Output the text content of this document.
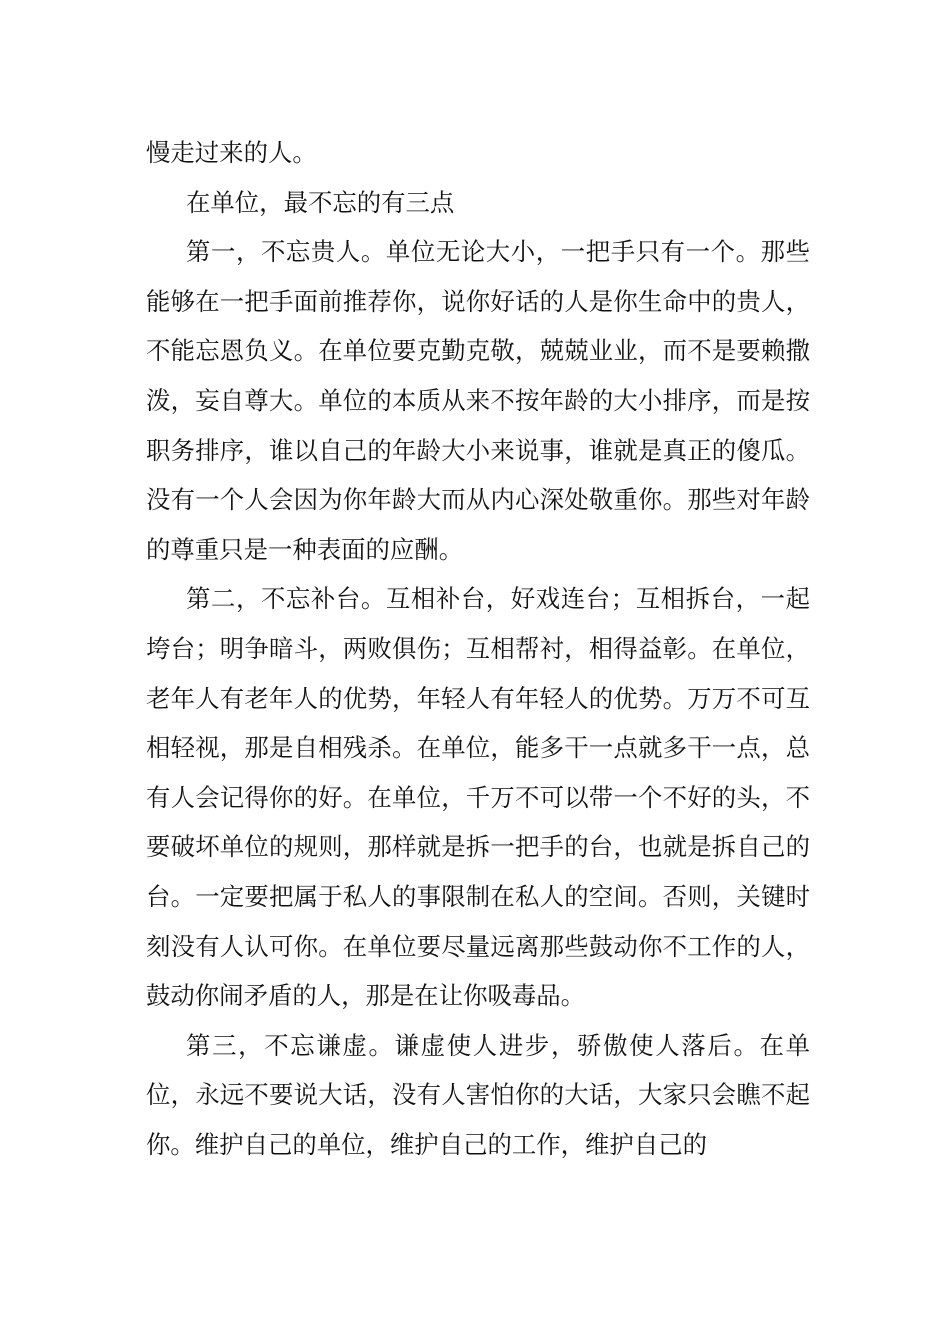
慢走过来的人。

在单位，最不忘的有三点

第一，不忘贵人。单位无论大小，一把手只有一个。那些能够在一把手面前推荐你，说你好话的人是你生命中的贵人，不能忘恩负义。在单位要克勤克敬，兢兢业业，而不是要赖撒泼，妄自尊大。单位的本质从来不按年龄的大小排序，而是按职务排序，谁以自己的年龄大小来说事，谁就是真正的傻瓜。没有一个人会因为你年龄大而从内心深处敬重你。那些对年龄的尊重只是一种表面的应酬。

第二，不忘补台。互相补台，好戏连台；互相拆台，一起垮台；明争暗斗，两败俱伤；互相帮衬，相得益彰。在单位，老年人有老年人的优势，年轻人有年轻人的优势。万万不可互相轻视，那是自相残杀。在单位，能多干一点就多干一点，总有人会记得你的好。在单位，千万不可以带一个不好的头，不要破坏单位的规则，那样就是拆一把手的台，也就是拆自己的台。一定要把属于私人的事限制在私人的空间。否则，关键时刻没有人认可你。在单位要尽量远离那些鼓动你不工作的人，鼓动你闹矛盾的人，那是在让你吸毒品。

第三，不忘谦虚。谦虚使人进步，骄傲使人落后。在单位，永远不要说大话，没有人害怕你的大话，大家只会瞧不起你。维护自己的单位，维护自己的工作，维护自己的
